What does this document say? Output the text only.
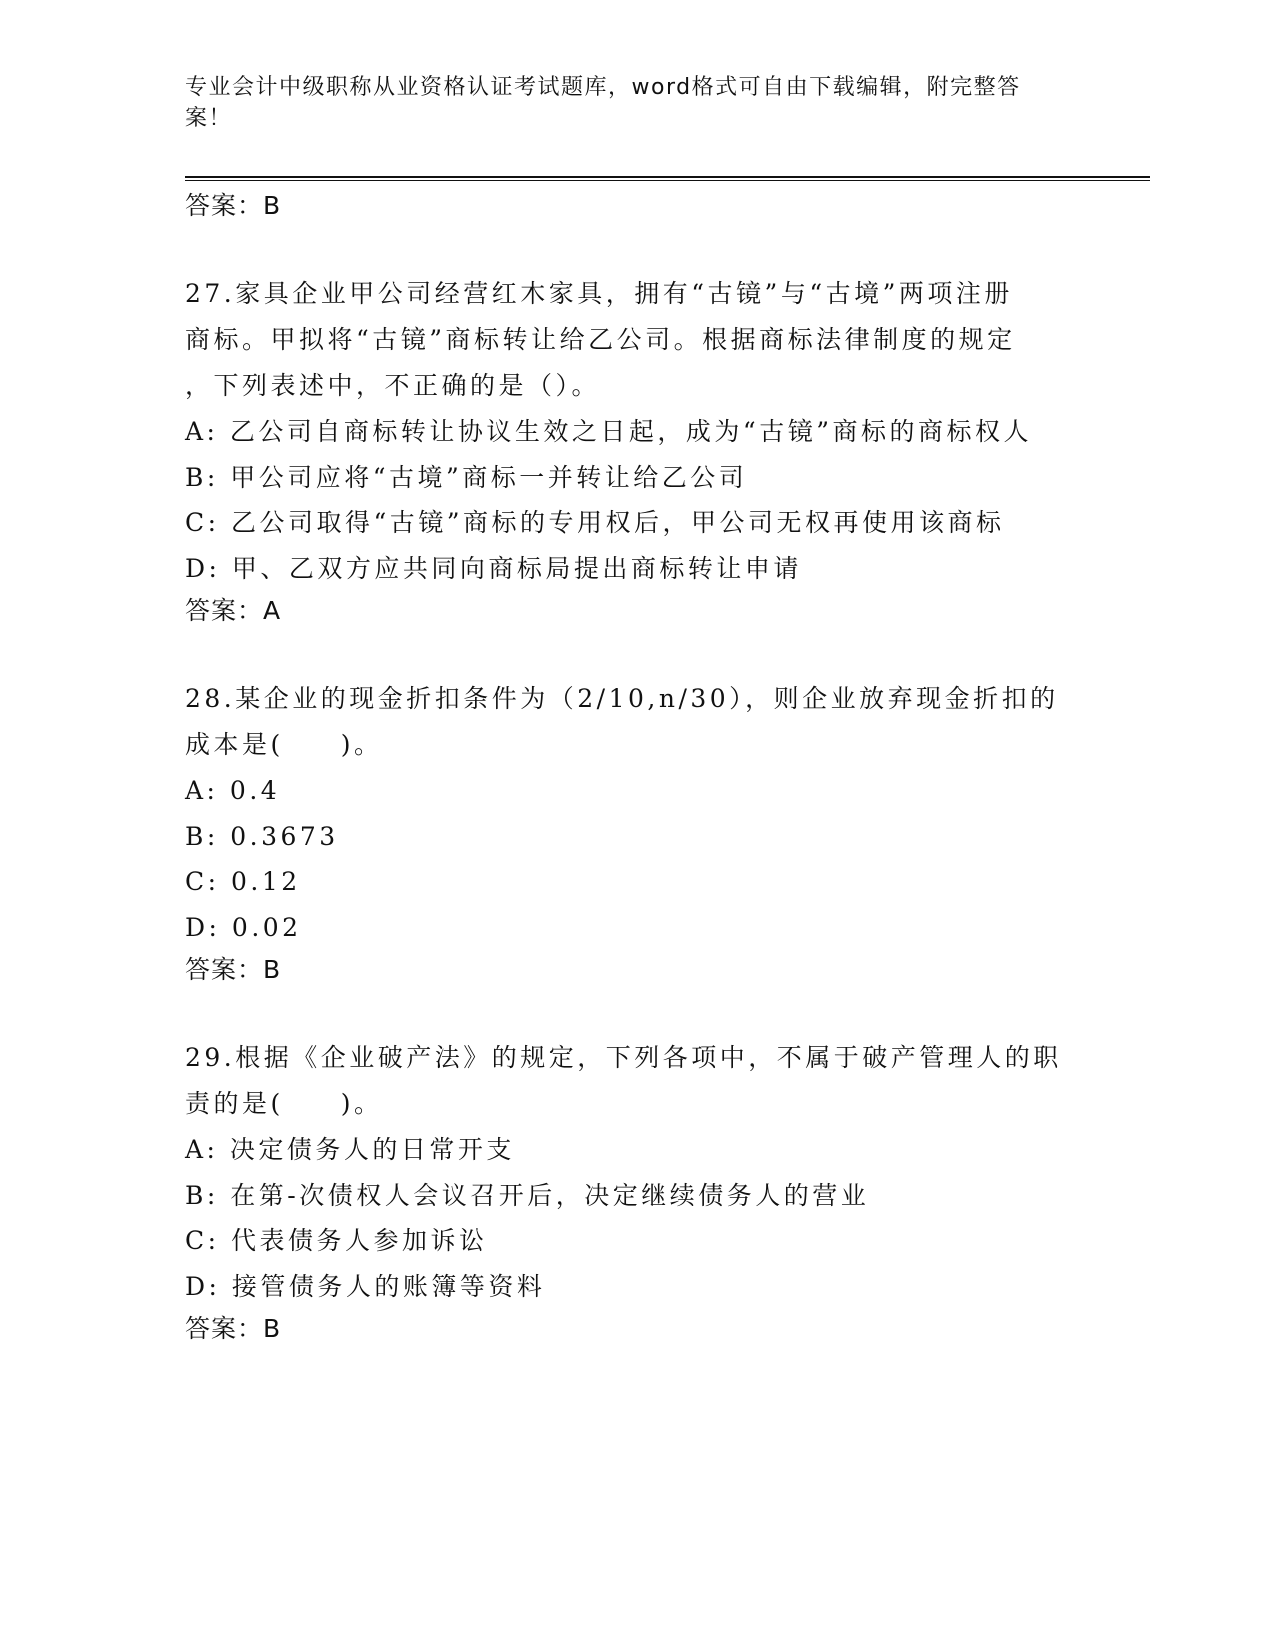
专业会计中级职称从业资格认证考试题库，word格式可自由下载编辑，附完整答案！

答案：B

27.家具企业甲公司经营红木家具，拥有“古镜”与“古境”两项注册

商标。甲拟将“古镜”商标转让给乙公司。根据商标法律制度的规定

，下列表述中，不正确的是（）。

A: 乙公司自商标转让协议生效之日起，成为“古镜”商标的商标权人

B: 甲公司应将“古境”商标一并转让给乙公司

C: 乙公司取得“古镜”商标的专用权后，甲公司无权再使用该商标

D: 甲、乙双方应共同向商标局提出商标转让申请

答案：A

28.某企业的现金折扣条件为（2/10,n/30），则企业放弃现金折扣的

成本是(　　)。

A: 0.4

B: 0.3673

C: 0.12

D: 0.02

答案：B

29.根据《企业破产法》的规定，下列各项中，不属于破产管理人的职

责的是(　　)。

A: 决定债务人的日常开支

B: 在第-次债权人会议召开后，决定继续债务人的营业

C: 代表债务人参加诉讼

D: 接管债务人的账簿等资料

答案：B
